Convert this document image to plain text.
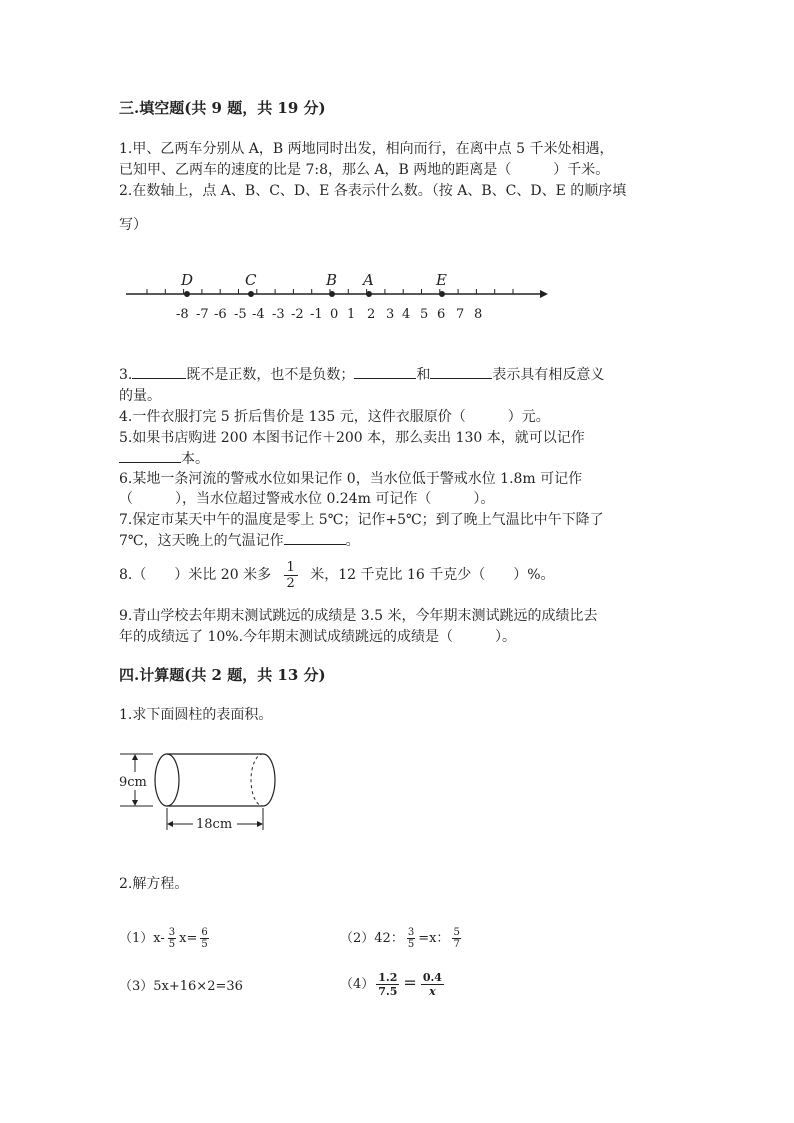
三.填空题(共 9 题，共 19 分)
1.甲、乙两车分别从 A，B 两地同时出发，相向而行，在离中点 5 千米处相遇，
已知甲、乙两车的速度的比是 7:8，那么 A，B 两地的距离是（　　　）千米。
2.在数轴上，点 A、B、C、D、E 各表示什么数。（按 A、B、C、D、E 的顺序填
写）
-8 -7 -6 -5 -4 -3 -2 -1 0 1 2 3 4 5 6 7 8
D	C	B A	E
3.	既不是正数，也不是负数；	和	表示具有相反意义
的量。
4.一件衣服打完 5 折后售价是 135 元，这件衣服原价（　　　）元。
5.如果书店购进 200 本图书记作＋200 本，那么卖出 130 本，就可以记作
本。
6.某地一条河流的警戒水位如果记作 0，当水位低于警戒水位 1.8m 可记作
（　　　），当水位超过警戒水位 0.24m 可记作（　　　）。
7.保定市某天中午的温度是零上 5℃；记作+5℃；到了晚上气温比中午下降了
7℃，这天晚上的气温记作	。
8.（　　）米比 20 米多 $\frac{1}{2}$ 米，12 千克比 16 千克少（　　）%。
9.青山学校去年期末测试跳远的成绩是 3.5 米，今年期末测试跳远的成绩比去
年的成绩远了 10%.今年期末测试成绩跳远的成绩是（　　　）。
四.计算题(共 2 题，共 13 分)
1.求下面圆柱的表面积。
9cm
18cm
2.解方程。
$(1)x- \frac{3}{5} x= \frac{6}{5}$	（2）42： $\frac{3}{5} =x$： $\frac{5}{7}$
（3）5x+16×2=36	$(4) \frac{1.2}{7.5} = \frac{0.4}{x}$
